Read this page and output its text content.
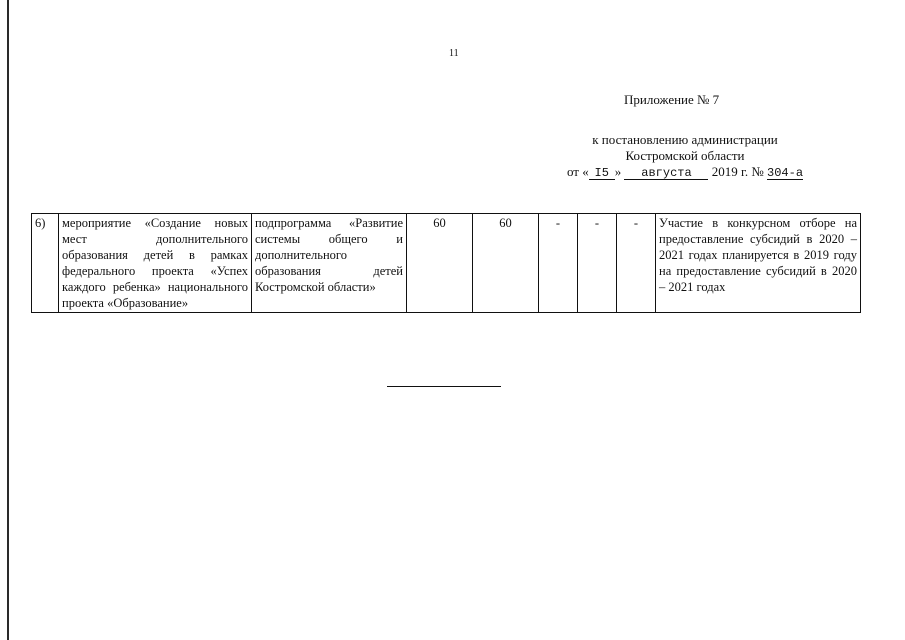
11
Приложение № 7
к постановлению администрации
Костромской области
от « I5 » августа 2019 г. № 304-а
6)	мероприятие «Создание новых мест дополнительного образования детей в рамках федерального проекта «Успех каждого ребенка» национального проекта «Образование»	подпрограмма «Развитие системы общего и дополнительного образования детей Костромской области»	60	60	-	-	-	Участие в конкурсном отборе на предоставление субсидий в 2020 – 2021 годах планируется в 2019 году на предоставление субсидий в 2020 – 2021 годах
